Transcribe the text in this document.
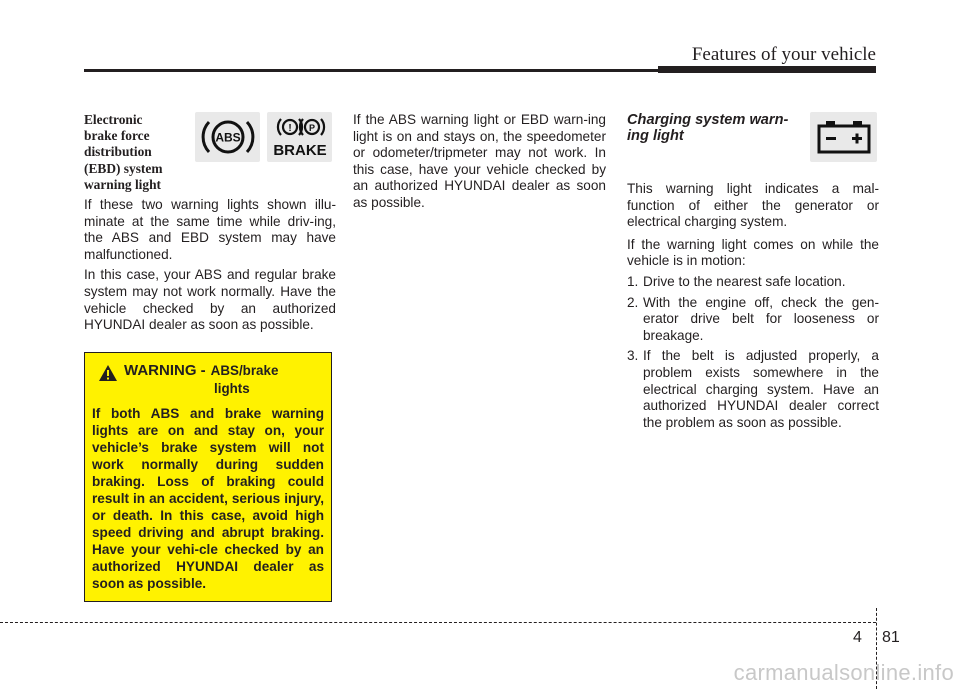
Features of your vehicle
Electronic
brake force
distribution
(EBD) system
warning light

If these two warning lights shown illu-minate at the same time while driv-ing, the ABS and EBD system may have malfunctioned.

In this case, your ABS and regular brake system may not work normally. Have the vehicle checked by an authorized HYUNDAI dealer as soon as possible.

ABS
! P
BRAKE
WARNING - ABS/brake
lights
If both ABS and brake warning lights are on and stay on, your vehicle’s brake system will not work normally during sudden braking. Loss of braking could result in an accident, serious injury, or death. In this case, avoid high speed driving and abrupt braking. Have your vehi-cle checked by an authorized HYUNDAI dealer as soon as possible.

If the ABS warning light or EBD warn-ing light is on and stays on, the speedometer or odometer/tripmeter may not work. In this case, have your vehicle checked by an authorized HYUNDAI dealer as soon as possible.

Charging system warn-ing light

This warning light indicates a mal-function of either the generator or electrical charging system.

If the warning light comes on while the vehicle is in motion:

1. Drive to the nearest safe location.
2. With the engine off, check the gen-erator drive belt for looseness or breakage.
3. If the belt is adjusted properly, a problem exists somewhere in the electrical charging system. Have an authorized HYUNDAI dealer correct the problem as soon as possible.
4 81
carmanualsonline.info
